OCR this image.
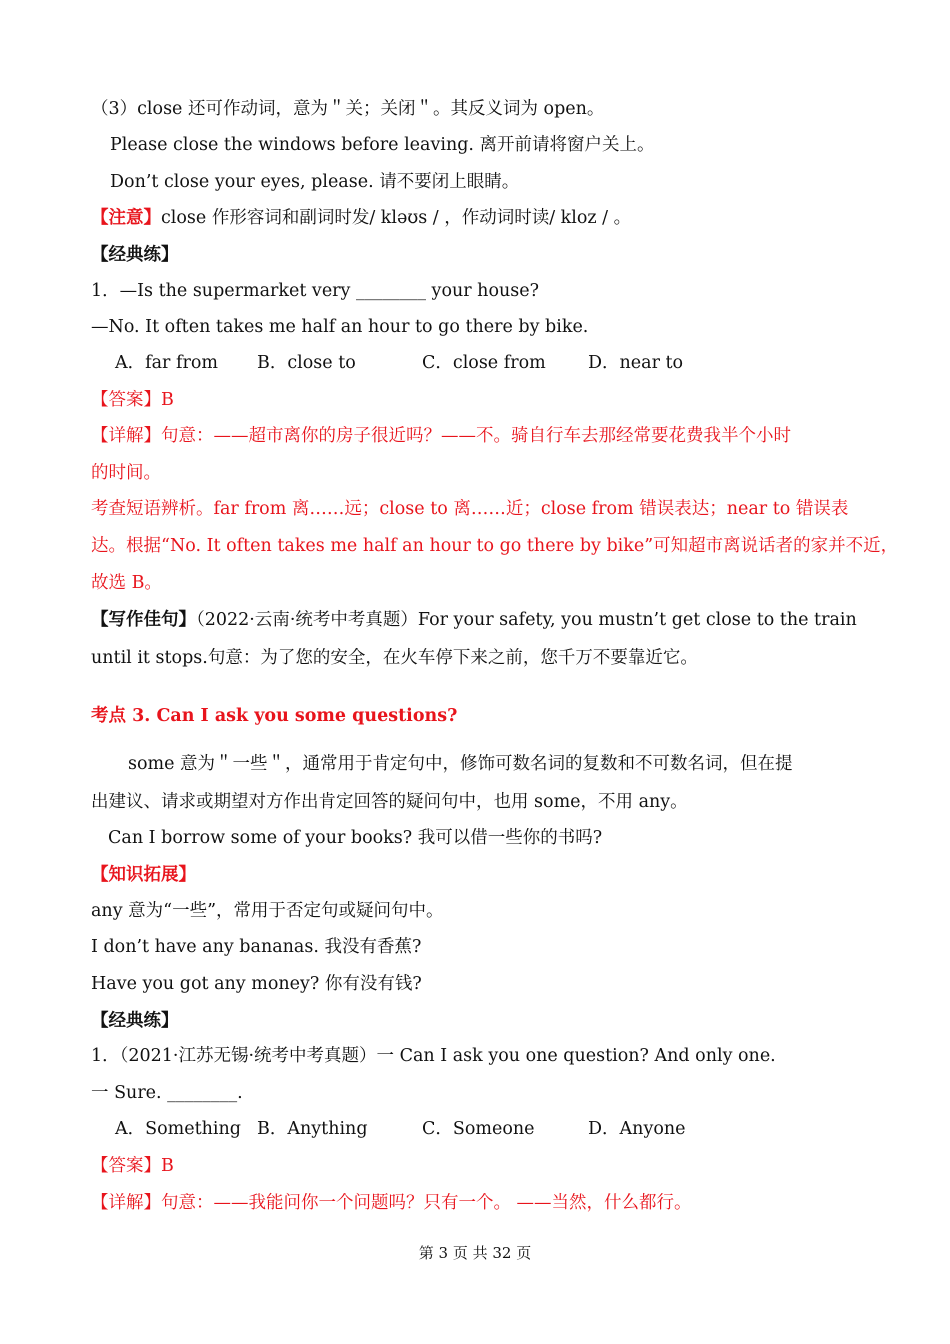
（3）close 还可作动词，意为＂关；关闭＂。其反义词为 open。
Please close the windows before leaving. 离开前请将窗户关上。
Don’t close your eyes, please. 请不要闭上眼睛。
【注意】close 作形容词和副词时发/ kləʊs / ，作动词时读/ kloz / 。
【经典练】
1．—Is the supermarket very ________ your house?
—No. It often takes me half an hour to go there by bike.
A．far from B．close to	C．close from D．near to
【答案】B
【详解】句意：——超市离你的房子很近吗？——不。骑自行车去那经常要花费我半个小时
的时间。
考查短语辨析。far from 离……远；close to 离……近；close from 错误表达；near to 错误表
达。根据“No. It often takes me half an hour to go there by bike”可知超市离说话者的家并不近，
故选 B。
【写作佳句】（2022·云南·统考中考真题）For your safety, you mustn’t get close to the train
until it stops.句意：为了您的安全，在火车停下来之前，您千万不要靠近它。
考点 3. Can I ask you some questions?
some 意为＂一些＂，通常用于肯定句中，修饰可数名词的复数和不可数名词，但在提
出建议、请求或期望对方作出肯定回答的疑问句中，也用 some，不用 any。
Can I borrow some of your books? 我可以借一些你的书吗?
【知识拓展】
any 意为“一些”，常用于否定句或疑问句中。
I don’t have any bananas. 我没有香蕉?
Have you got any money? 你有没有钱?
【经典练】
1．（2021·江苏无锡·统考中考真题）一 Can I ask you one question? And only one.
一 Sure. ________.
A．Something B．Anything	C．Someone	D．Anyone
【答案】B
【详解】句意：——我能问你一个问题吗？只有一个。 ——当然，什么都行。
第 3 页 共 32 页
